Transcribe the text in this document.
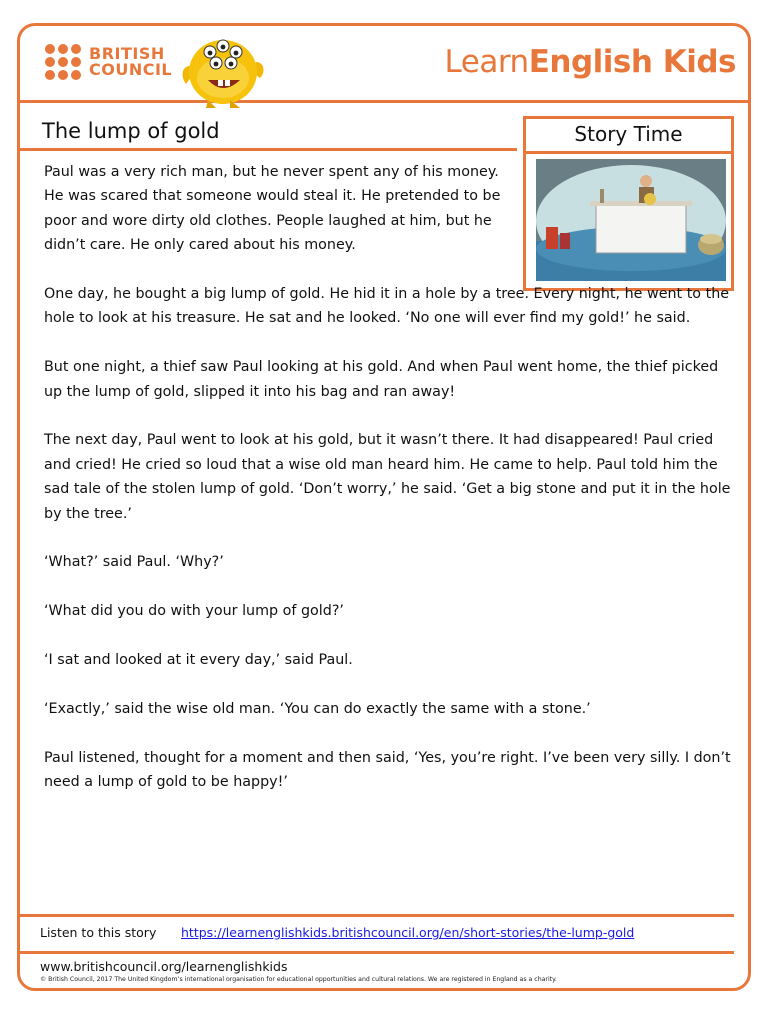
BRITISH
COUNCIL	LearnEnglish Kids
The lump of gold	Story Time

Paul was a very rich man, but he never spent any of his money. He was scared that someone would steal it. He pretended to be poor and wore dirty old clothes. People laughed at him, but he didn’t care. He only cared about his money.

One day, he bought a big lump of gold. He hid it in a hole by a tree. Every night, he went to the hole to look at his treasure. He sat and he looked. ‘No one will ever find my gold!’ he said.

But one night, a thief saw Paul looking at his gold. And when Paul went home, the thief picked up the lump of gold, slipped it into his bag and ran away!

The next day, Paul went to look at his gold, but it wasn’t there. It had disappeared! Paul cried and cried! He cried so loud that a wise old man heard him. He came to help. Paul told him the sad tale of the stolen lump of gold. ‘Don’t worry,’ he said. ‘Get a big stone and put it in the hole by the tree.’

‘What?’ said Paul. ‘Why?’

‘What did you do with your lump of gold?’

‘I sat and looked at it every day,’ said Paul.

‘Exactly,’ said the wise old man. ‘You can do exactly the same with a stone.’

Paul listened, thought for a moment and then said, ‘Yes, you’re right. I’ve been very silly. I don’t need a lump of gold to be happy!’

Listen to this story https://learnenglishkids.britishcouncil.org/en/short-stories/the-lump-gold
www.britishcouncil.org/learnenglishkids
© British Council, 2017 The United Kingdom’s international organisation for educational opportunities and cultural relations. We are registered in England as a charity.
